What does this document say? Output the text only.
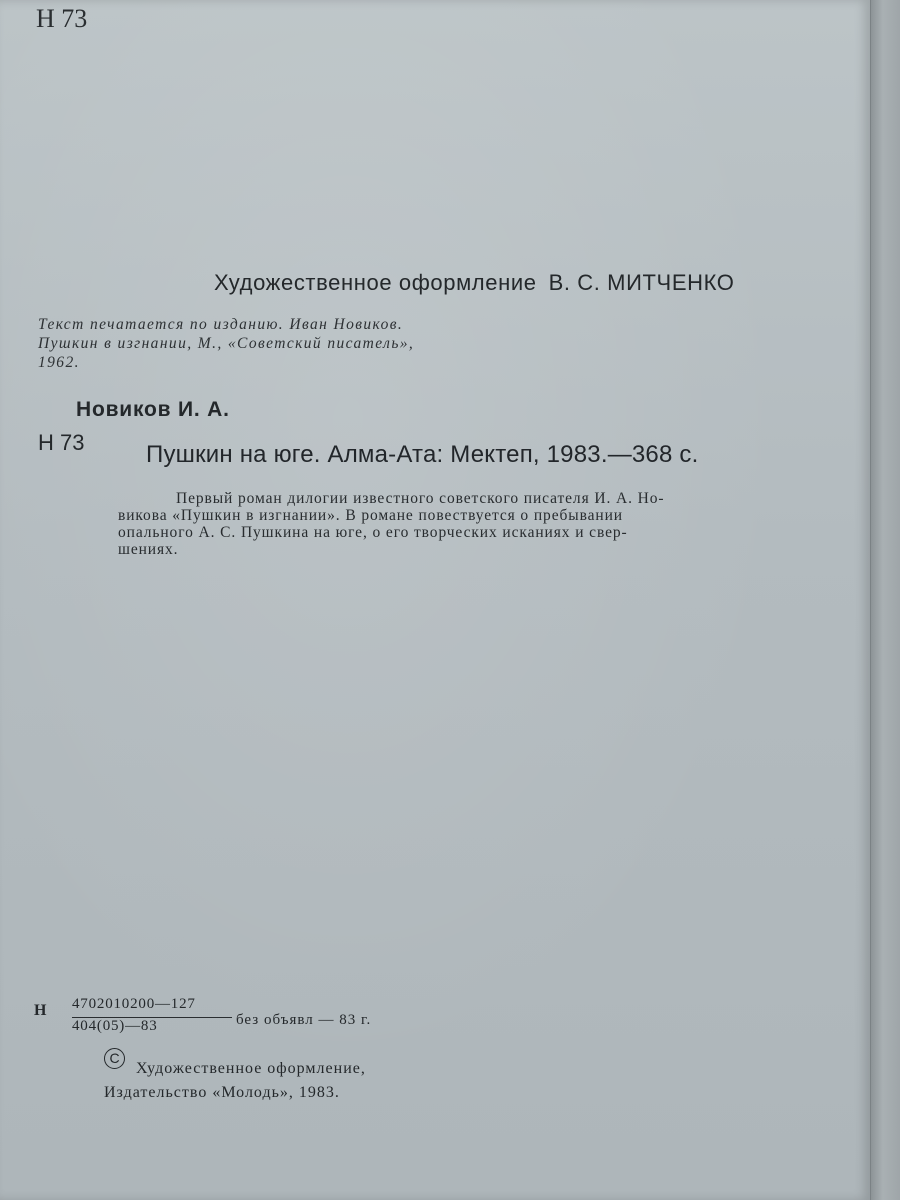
Н 73
Художественное оформление В. С. МИТЧЕНКО
Текст печатается по изданию. Иван Новиков.
Пушкин в изгнании, М., «Советский писатель»,
1962.
Новиков И. А.
Н 73	Пушкин на юге. Алма-Ата: Мектеп, 1983.—368 с.
Первый роман дилогии известного советского писателя И. А. Но-
викова «Пушкин в изгнании». В романе повествуется о пребывании
опального А. С. Пушкина на юге, о его творческих исканиях и свер-
шениях.
Н 4702010200—127
404(05)—83	без объявл — 83 г.
C
Художественное оформление,
Издательство «Молодь», 1983.
